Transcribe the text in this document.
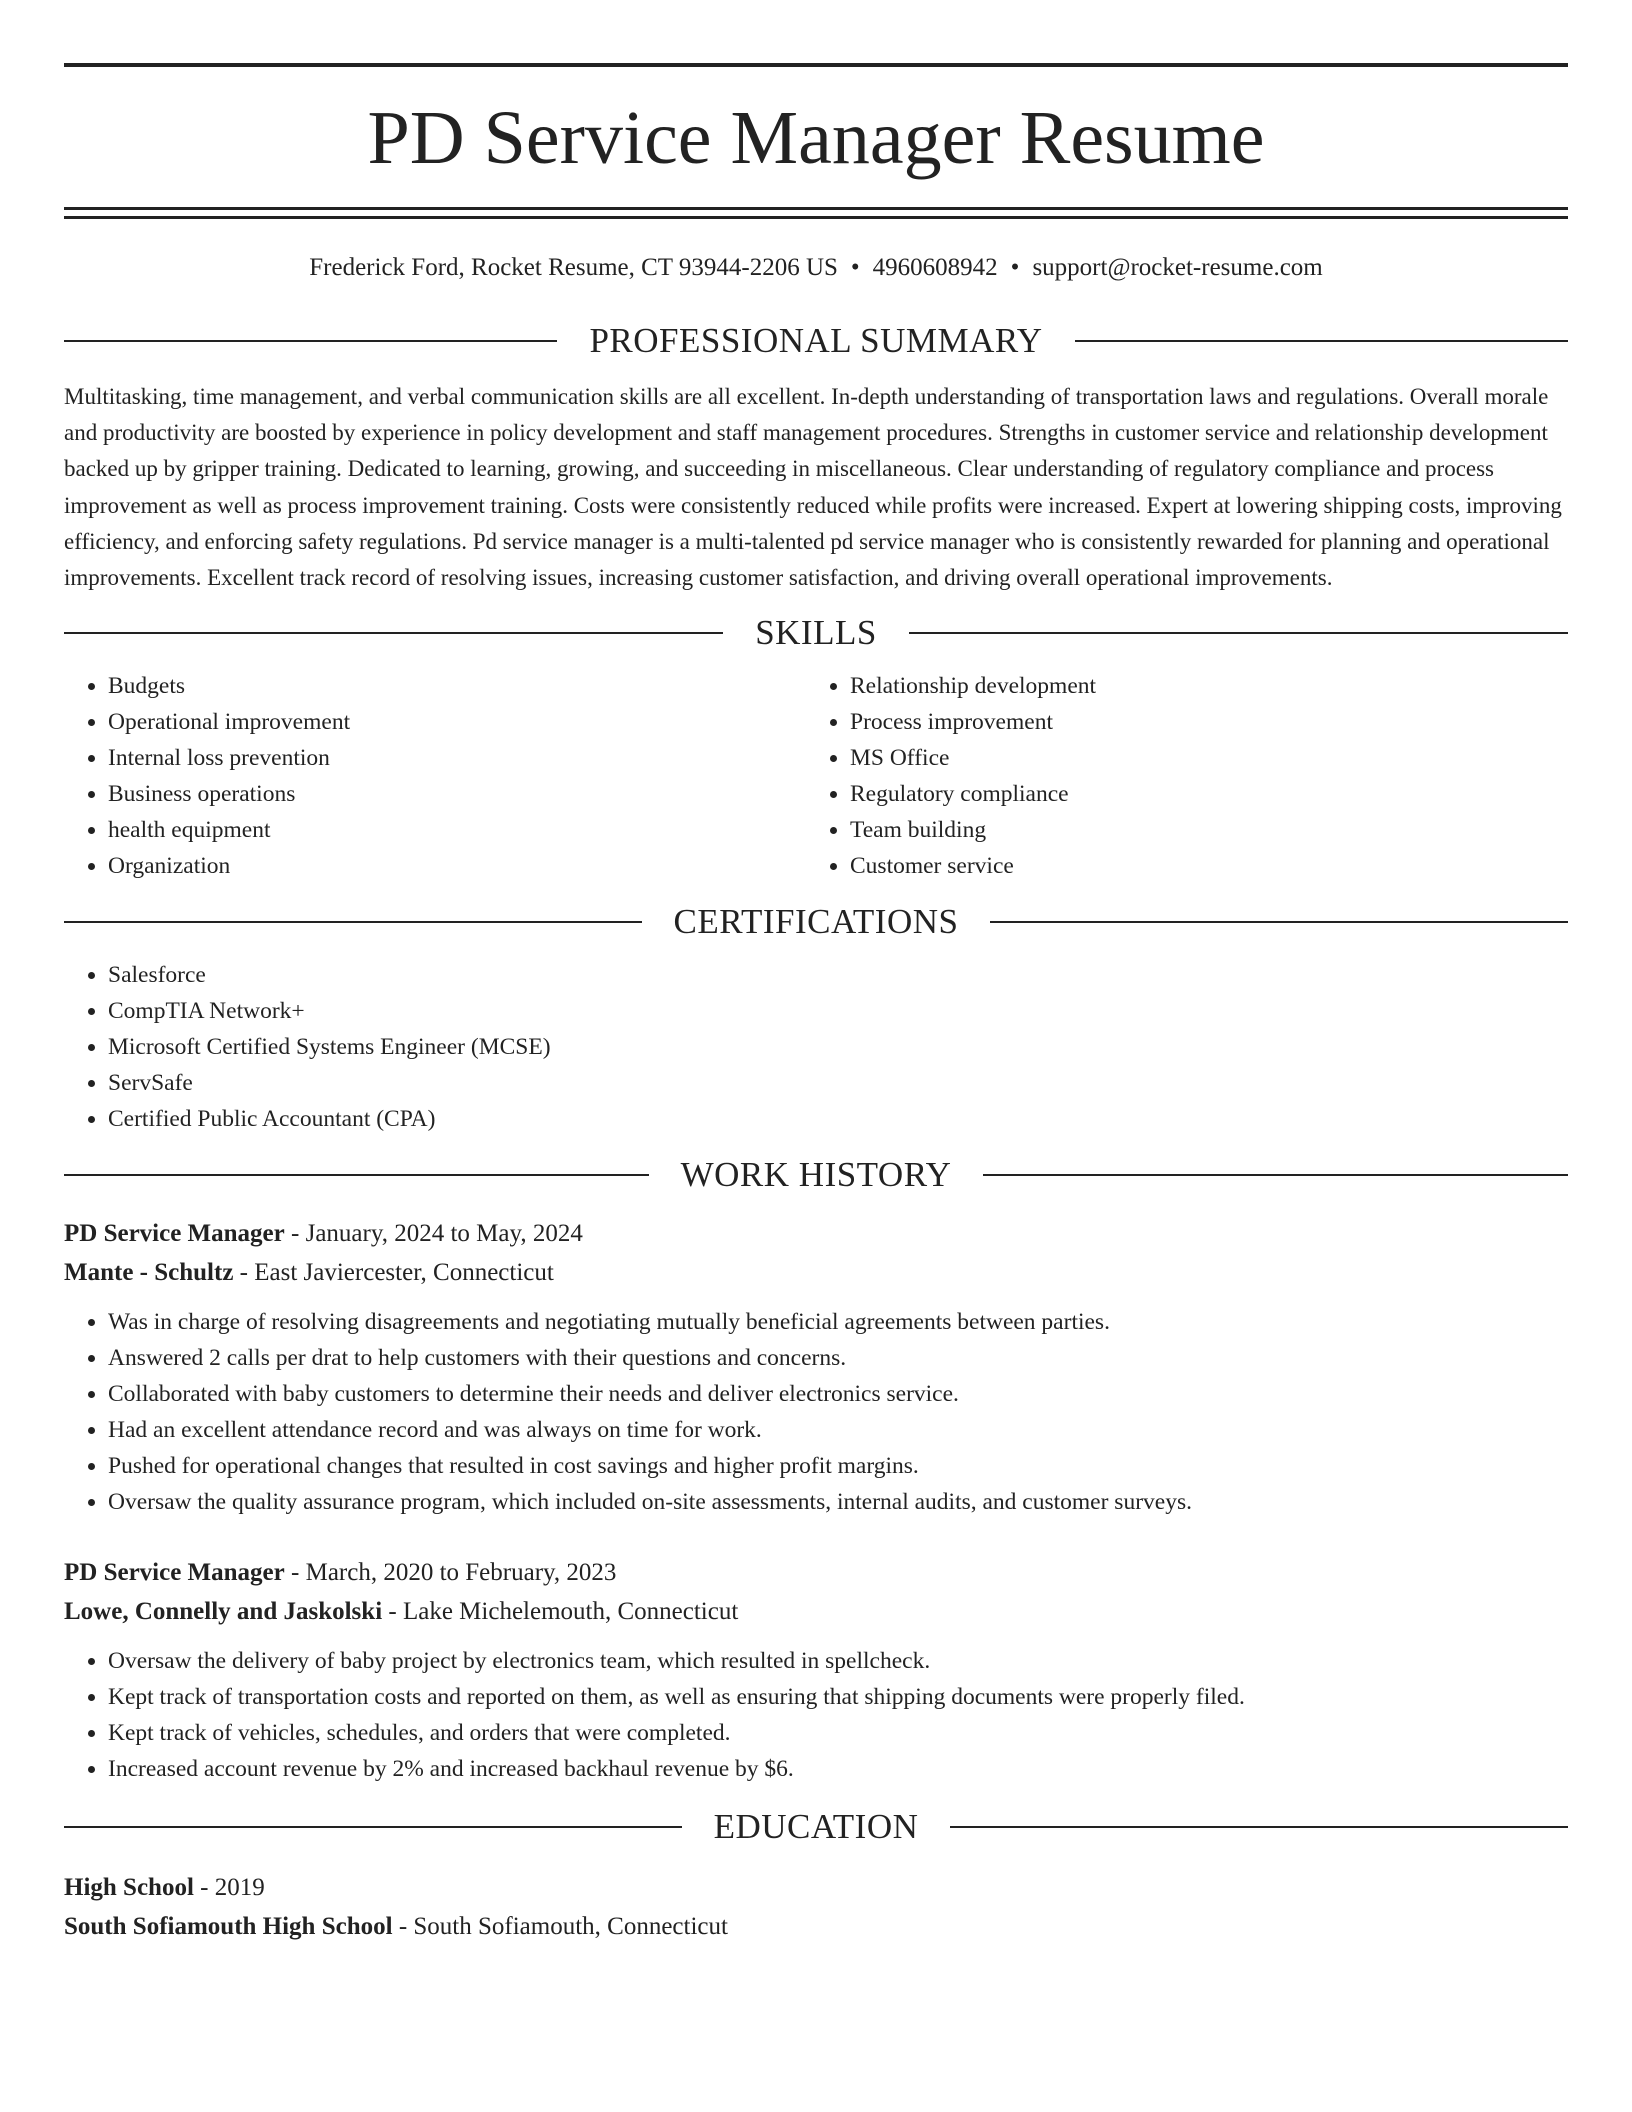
PD Service Manager Resume
Frederick Ford, Rocket Resume, CT 93944-2206 US • 4960608942 • support@rocket-resume.com
PROFESSIONAL SUMMARY

Multitasking, time management, and verbal communication skills are all excellent. In-depth understanding of transportation laws and regulations. Overall morale and productivity are boosted by experience in policy development and staff management procedures. Strengths in customer service and relationship development backed up by gripper training. Dedicated to learning, growing, and succeeding in miscellaneous. Clear understanding of regulatory compliance and process improvement as well as process improvement training. Costs were consistently reduced while profits were increased. Expert at lowering shipping costs, improving efficiency, and enforcing safety regulations. Pd service manager is a multi-talented pd service manager who is consistently rewarded for planning and operational improvements. Excellent track record of resolving issues, increasing customer satisfaction, and driving overall operational improvements.

SKILLS
• Budgets
• Operational improvement
• Internal loss prevention
• Business operations
• health equipment
• Organization
• Relationship development
• Process improvement
• MS Office
• Regulatory compliance
• Team building
• Customer service
CERTIFICATIONS
• Salesforce
• CompTIA Network+
• Microsoft Certified Systems Engineer (MCSE)
• ServSafe
• Certified Public Accountant (CPA)
WORK HISTORY
PD Service Manager - January, 2024 to May, 2024
Mante - Schultz - East Javiercester, Connecticut
• Was in charge of resolving disagreements and negotiating mutually beneficial agreements between parties.
• Answered 2 calls per drat to help customers with their questions and concerns.
• Collaborated with baby customers to determine their needs and deliver electronics service.
• Had an excellent attendance record and was always on time for work.
• Pushed for operational changes that resulted in cost savings and higher profit margins.
• Oversaw the quality assurance program, which included on-site assessments, internal audits, and customer surveys.
PD Service Manager - March, 2020 to February, 2023
Lowe, Connelly and Jaskolski - Lake Michelemouth, Connecticut
• Oversaw the delivery of baby project by electronics team, which resulted in spellcheck.
• Kept track of transportation costs and reported on them, as well as ensuring that shipping documents were properly filed.
• Kept track of vehicles, schedules, and orders that were completed.
• Increased account revenue by 2% and increased backhaul revenue by $6.
EDUCATION
High School - 2019
South Sofiamouth High School - South Sofiamouth, Connecticut
